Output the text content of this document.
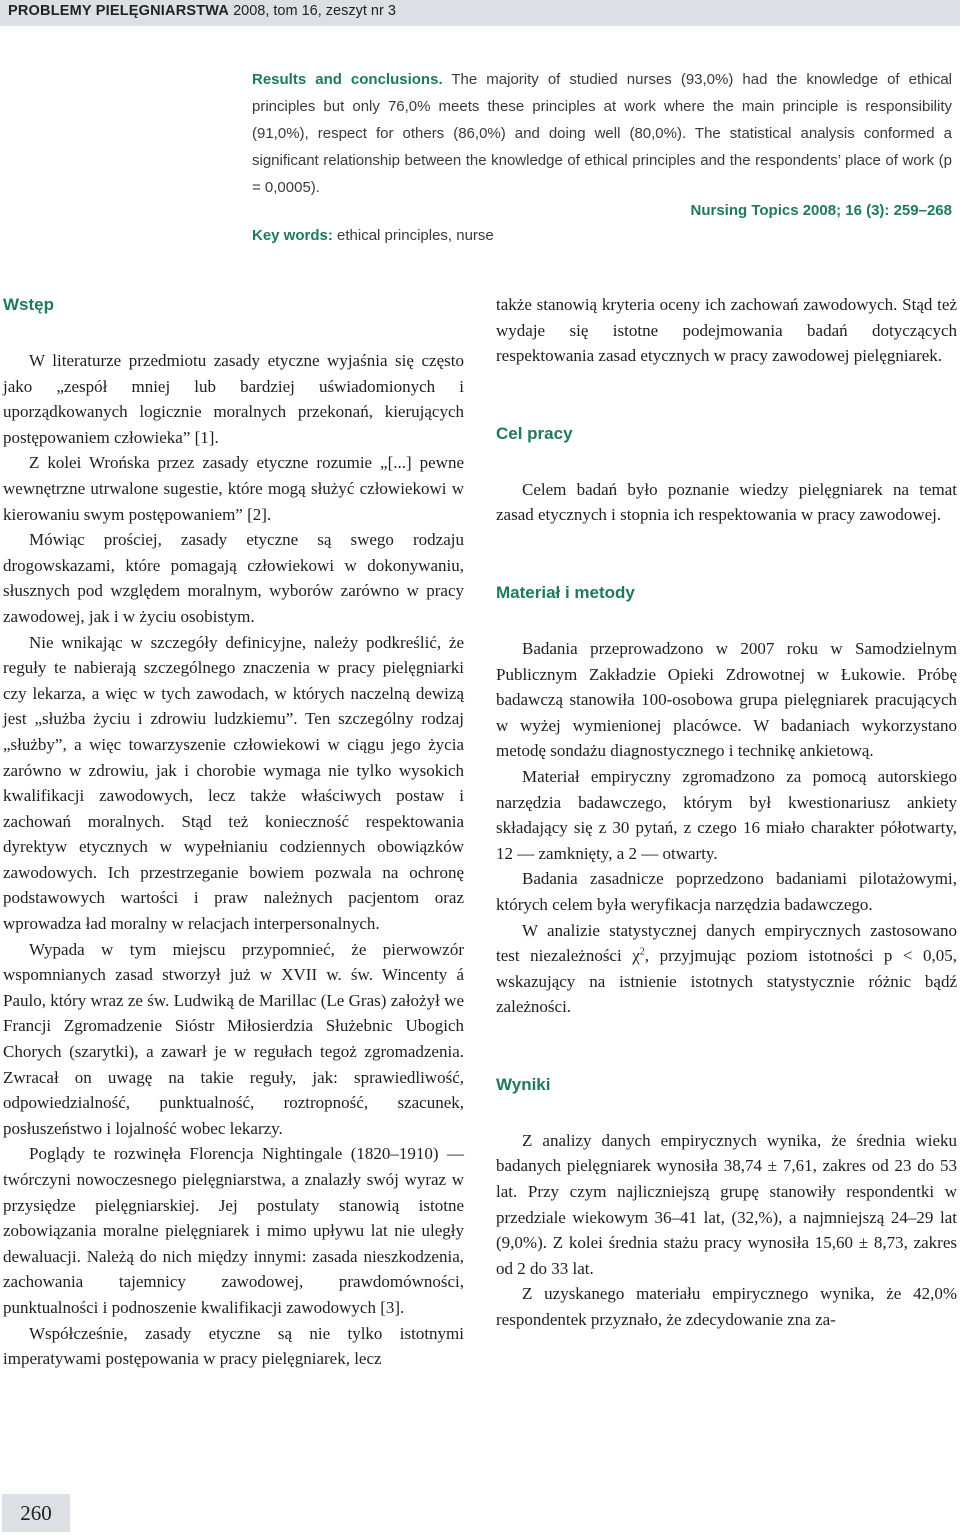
PROBLEMY PIELĘGNIARSTWA 2008, tom 16, zeszyt nr 3
Results and conclusions. The majority of studied nurses (93,0%) had the knowledge of ethical principles but only 76,0% meets these principles at work where the main principle is responsibility (91,0%), respect for others (86,0%) and doing well (80,0%). The statistical analysis conformed a significant relationship between the knowledge of ethical principles and the respondents’ place of work (p = 0,0005).
Nursing Topics 2008; 16 (3): 259–268
Key words: ethical principles, nurse
Wstęp

W literaturze przedmiotu zasady etyczne wyjaśnia się często jako „zespół mniej lub bardziej uświadomionych i uporządkowanych logicznie moralnych przekonań, kierujących postępowaniem człowieka” [1].

Z kolei Wrońska przez zasady etyczne rozumie „[...] pewne wewnętrzne utrwalone sugestie, które mogą służyć człowiekowi w kierowaniu swym postępowaniem” [2].

Mówiąc prościej, zasady etyczne są swego rodzaju drogowskazami, które pomagają człowiekowi w dokonywaniu, słusznych pod względem moralnym, wyborów zarówno w pracy zawodowej, jak i w życiu osobistym.

Nie wnikając w szczegóły definicyjne, należy podkreślić, że reguły te nabierają szczególnego znaczenia w pracy pielęgniarki czy lekarza, a więc w tych zawodach, w których naczelną dewizą jest „służba życiu i zdrowiu ludzkiemu”. Ten szczególny rodzaj „służby”, a więc towarzyszenie człowiekowi w ciągu jego życia zarówno w zdrowiu, jak i chorobie wymaga nie tylko wysokich kwalifikacji zawodowych, lecz także właściwych postaw i zachowań moralnych. Stąd też konieczność respektowania dyrektyw etycznych w wypełnianiu codziennych obowiązków zawodowych. Ich przestrzeganie bowiem pozwala na ochronę podstawowych wartości i praw należnych pacjentom oraz wprowadza ład moralny w relacjach interpersonalnych.

Wypada w tym miejscu przypomnieć, że pierwowzór wspomnianych zasad stworzył już w XVII w. św. Wincenty á Paulo, który wraz ze św. Ludwiką de Marillac (Le Gras) założył we Francji Zgromadzenie Sióstr Miłosierdzia Służebnic Ubogich Chorych (szarytki), a zawarł je w regułach tegoż zgromadzenia. Zwracał on uwagę na takie reguły, jak: sprawiedliwość, odpowiedzialność, punktualność, roztropność, szacunek, posłuszeństwo i lojalność wobec lekarzy.

Poglądy te rozwinęła Florencja Nightingale (1820–1910) — twórczyni nowoczesnego pielęgniarstwa, a znalazły swój wyraz w przysiędze pielęgniarskiej. Jej postulaty stanowią istotne zobowiązania moralne pielęgniarek i mimo upływu lat nie uległy dewaluacji. Należą do nich między innymi: zasada nieszkodzenia, zachowania tajemnicy zawodowej, prawdomówności, punktualności i podnoszenie kwalifikacji zawodowych [3].

Współcześnie, zasady etyczne są nie tylko istotnymi imperatywami postępowania w pracy pielęgniarek, lecz

także stanowią kryteria oceny ich zachowań zawodowych. Stąd też wydaje się istotne podejmowania badań dotyczących respektowania zasad etycznych w pracy zawodowej pielęgniarek.

Cel pracy

Celem badań było poznanie wiedzy pielęgniarek na temat zasad etycznych i stopnia ich respektowania w pracy zawodowej.

Materiał i metody

Badania przeprowadzono w 2007 roku w Samodzielnym Publicznym Zakładzie Opieki Zdrowotnej w Łukowie. Próbę badawczą stanowiła 100-osobowa grupa pielęgniarek pracujących w wyżej wymienionej placówce. W badaniach wykorzystano metodę sondażu diagnostycznego i technikę ankietową.

Materiał empiryczny zgromadzono za pomocą autorskiego narzędzia badawczego, którym był kwestionariusz ankiety składający się z 30 pytań, z czego 16 miało charakter półotwarty, 12 — zamknięty, a 2 — otwarty.

Badania zasadnicze poprzedzono badaniami pilotażowymi, których celem była weryfikacja narzędzia badawczego.

W analizie statystycznej danych empirycznych zastosowano test niezależności $\chi^2$, przyjmując poziom istotności p < 0,05, wskazujący na istnienie istotnych statystycznie różnic bądź zależności.

Wyniki

Z analizy danych empirycznych wynika, że średnia wieku badanych pielęgniarek wynosiła 38,74 ± 7,61, zakres od 23 do 53 lat. Przy czym najliczniejszą grupę stanowiły respondentki w przedziale wiekowym 36–41 lat, (32,%), a najmniejszą 24–29 lat (9,0%). Z kolei średnia stażu pracy wynosiła 15,60 ± 8,73, zakres od 2 do 33 lat.

Z uzyskanego materiału empirycznego wynika, że 42,0% respondentek przyznało, że zdecydowanie zna za-

260
